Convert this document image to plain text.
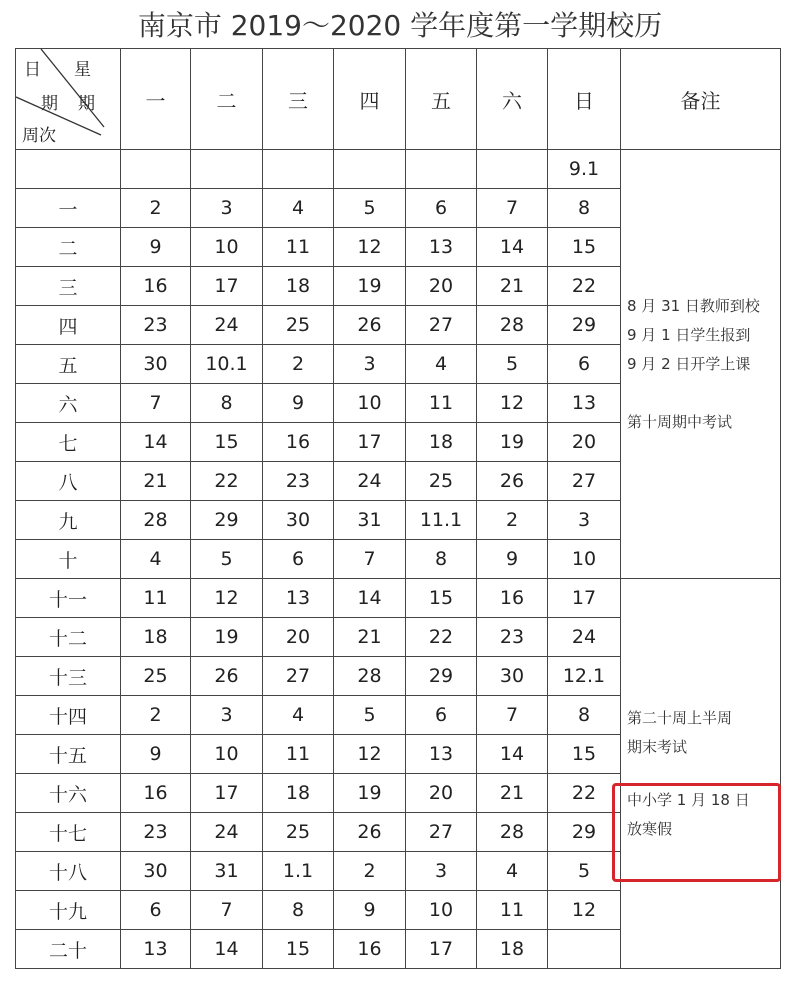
南京市 2019～2020 学年度第一学期校历
日 星
期 期
周次	一	二	三	四	五	六	日	备注
							9.1	8 月 31 日教师到校
9 月 1 日学生报到
9 月 2 日开学上课
第十周期中考试

一	2	3	4	5	6	7	8	
二	9	10	11	12	13	14	15	
三	16	17	18	19	20	21	22	
四	23	24	25	26	27	28	29	
五	30	10.1	2	3	4	5	6	
六	7	8	9	10	11	12	13	
七	14	15	16	17	18	19	20	
八	21	22	23	24	25	26	27	
九	28	29	30	31	11.1	2	3	
十	4	5	6	7	8	9	10	
十一	11	12	13	14	15	16	17	第二十周上半周
期末考试
中小学 1 月 18 日
放寒假

十二	18	19	20	21	22	23	24	
十三	25	26	27	28	29	30	12.1	
十四	2	3	4	5	6	7	8	
十五	9	10	11	12	13	14	15	
十六	16	17	18	19	20	21	22	
十七	23	24	25	26	27	28	29	
十八	30	31	1.1	2	3	4	5	
十九	6	7	8	9	10	11	12	
二十	13	14	15	16	17	18		
